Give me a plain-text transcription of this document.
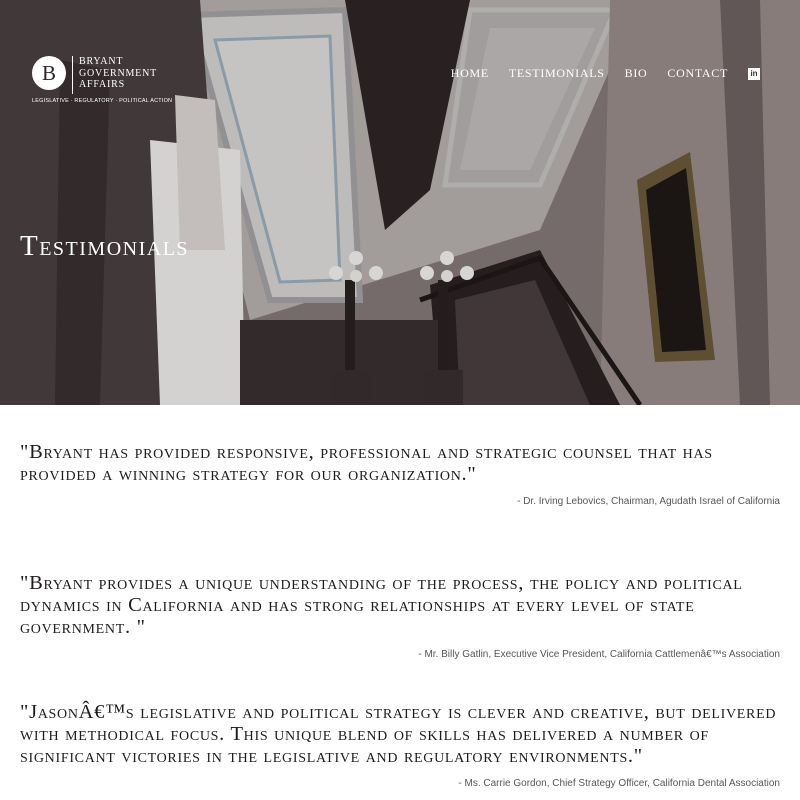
B	BRYANT
GOVERNMENT
AFFAIRS
LEGISLATIVE · REGULATORY · POLITICAL ACTION
HOME TESTIMONIALS BIO CONTACT	in
Testimonials

"Bryant has provided responsive, professional and strategic counsel that has provided a winning strategy for our organization."

- Dr. Irving Lebovics, Chairman, Agudath Israel of California

"Bryant provides a unique understanding of the process, the policy and political dynamics in California and has strong relationships at every level of state government. "

- Mr. Billy Gatlin, Executive Vice President, California Cattlemenâ€™s Association

"JasonÂ€™s legislative and political strategy is clever and creative, but delivered with methodical focus. This unique blend of skills has delivered a number of significant victories in the legislative and regulatory environments."

- Ms. Carrie Gordon, Chief Strategy Officer, California Dental Association
